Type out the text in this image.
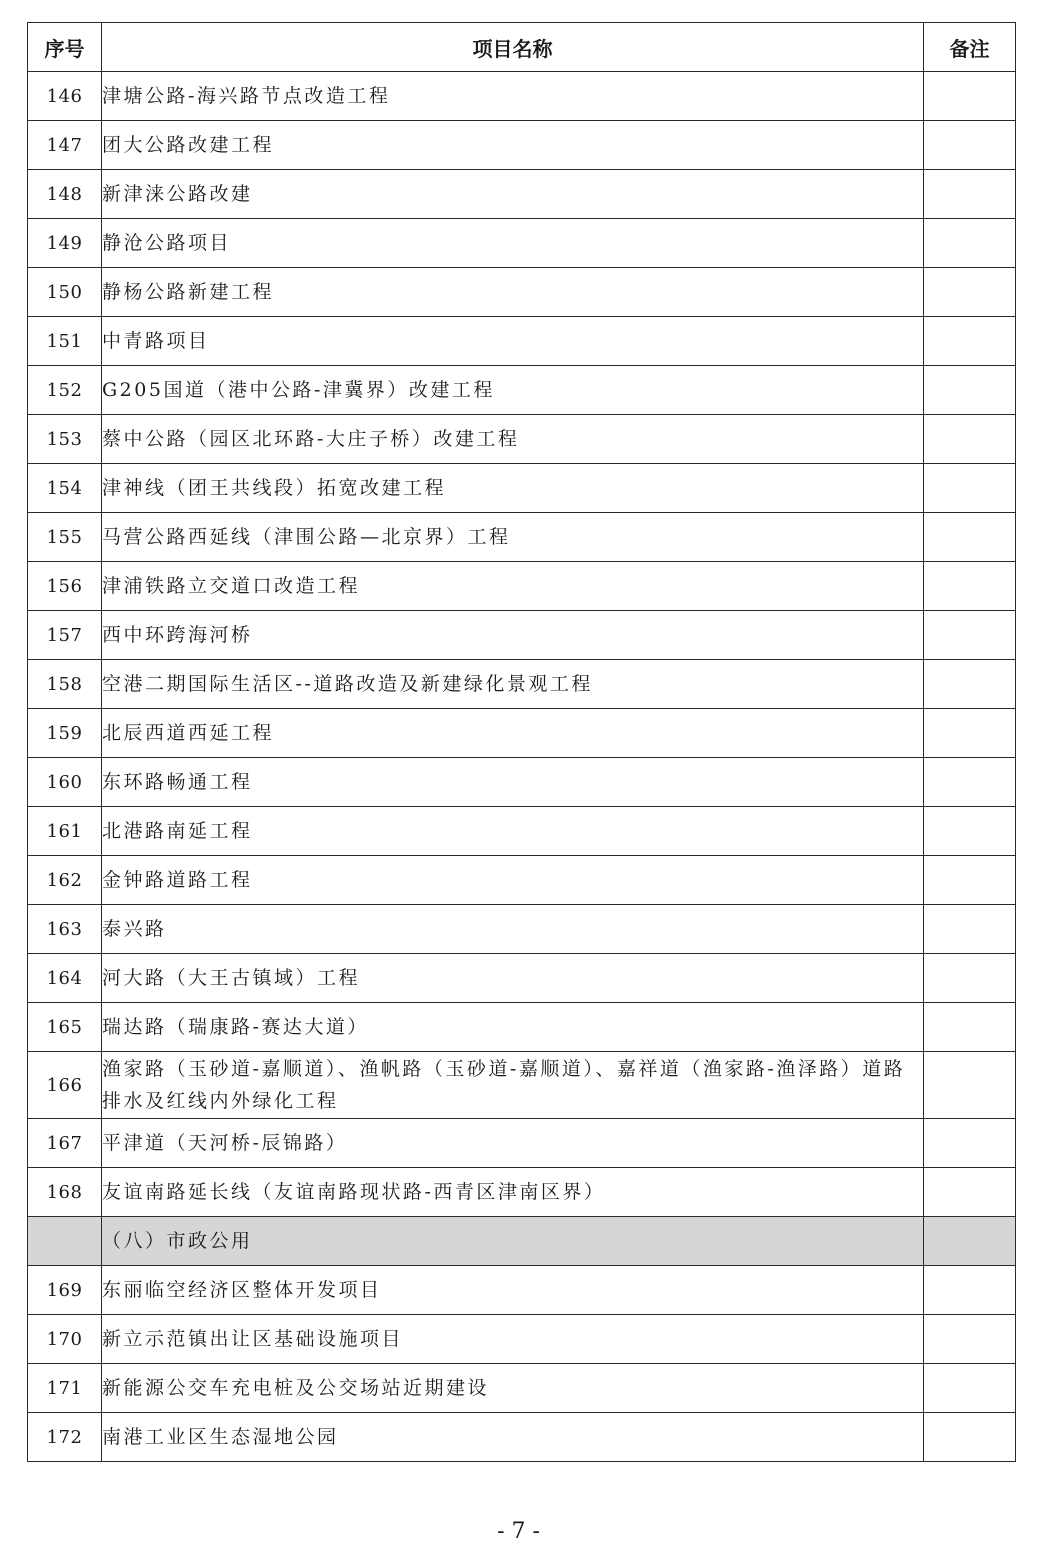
序号	项目名称	备注
146	津塘公路-海兴路节点改造工程	
147	团大公路改建工程	
148	新津涞公路改建	
149	静沧公路项目	
150	静杨公路新建工程	
151	中青路项目	
152	G205国道（港中公路-津冀界）改建工程	
153	蔡中公路（园区北环路-大庄子桥）改建工程	
154	津神线（团王共线段）拓宽改建工程	
155	马营公路西延线（津围公路—北京界）工程	
156	津浦铁路立交道口改造工程	
157	西中环跨海河桥	
158	空港二期国际生活区--道路改造及新建绿化景观工程	
159	北辰西道西延工程	
160	东环路畅通工程	
161	北港路南延工程	
162	金钟路道路工程	
163	泰兴路	
164	河大路（大王古镇域）工程	
165	瑞达路（瑞康路-赛达大道）	
166	渔家路（玉砂道-嘉顺道）、渔帆路（玉砂道-嘉顺道）、嘉祥道（渔家路-渔泽路）道路排水及红线内外绿化工程	
167	平津道（天河桥-辰锦路）	
168	友谊南路延长线（友谊南路现状路-西青区津南区界）	
	（八）市政公用	
169	东丽临空经济区整体开发项目	
170	新立示范镇出让区基础设施项目	
171	新能源公交车充电桩及公交场站近期建设	
172	南港工业区生态湿地公园	
- 7 -
